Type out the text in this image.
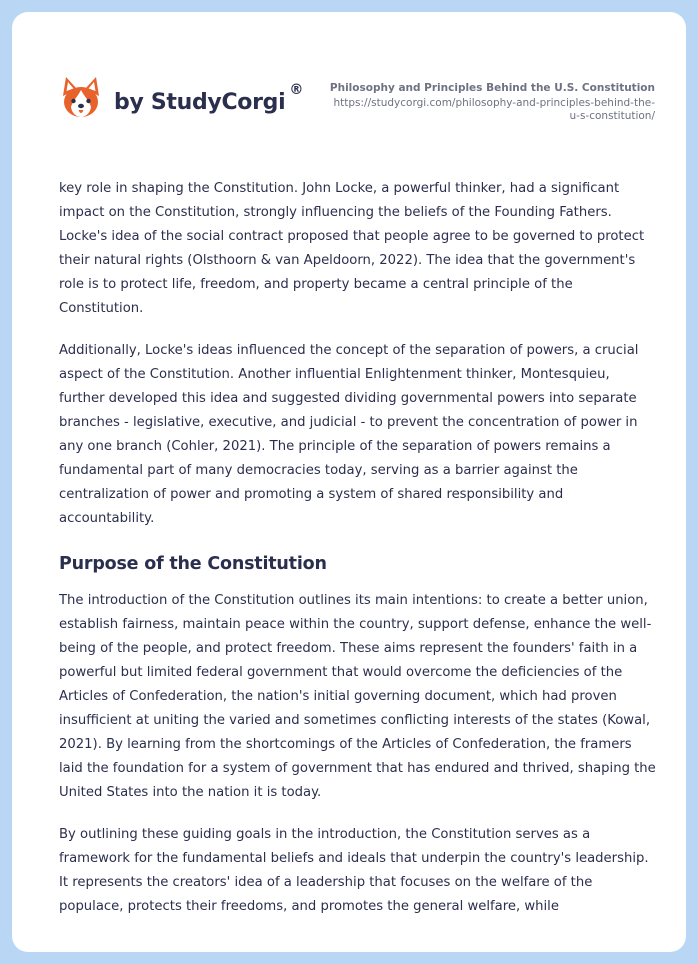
by StudyCorgi ®	Philosophy and Principles Behind the U.S. Constitution
https://studycorgi.com/philosophy-and-principles-behind-the-
u-s-constitution/

key role in shaping the Constitution. John Locke, a powerful thinker, had a significant impact on the Constitution, strongly influencing the beliefs of the Founding Fathers. Locke's idea of the social contract proposed that people agree to be governed to protect their natural rights (Olsthoorn & van Apeldoorn, 2022). The idea that the government's role is to protect life, freedom, and property became a central principle of the Constitution.

Additionally, Locke's ideas influenced the concept of the separation of powers, a crucial aspect of the Constitution. Another influential Enlightenment thinker, Montesquieu, further developed this idea and suggested dividing governmental powers into separate branches - legislative, executive, and judicial - to prevent the concentration of power in any one branch (Cohler, 2021). The principle of the separation of powers remains a fundamental part of many democracies today, serving as a barrier against the centralization of power and promoting a system of shared responsibility and accountability.

Purpose of the Constitution

The introduction of the Constitution outlines its main intentions: to create a better union, establish fairness, maintain peace within the country, support defense, enhance the well-being of the people, and protect freedom. These aims represent the founders' faith in a powerful but limited federal government that would overcome the deficiencies of the Articles of Confederation, the nation's initial governing document, which had proven insufficient at uniting the varied and sometimes conflicting interests of the states (Kowal, 2021). By learning from the shortcomings of the Articles of Confederation, the framers laid the foundation for a system of government that has endured and thrived, shaping the United States into the nation it is today.

By outlining these guiding goals in the introduction, the Constitution serves as a framework for the fundamental beliefs and ideals that underpin the country's leadership. It represents the creators' idea of a leadership that focuses on the welfare of the populace, protects their freedoms, and promotes the general welfare, while
